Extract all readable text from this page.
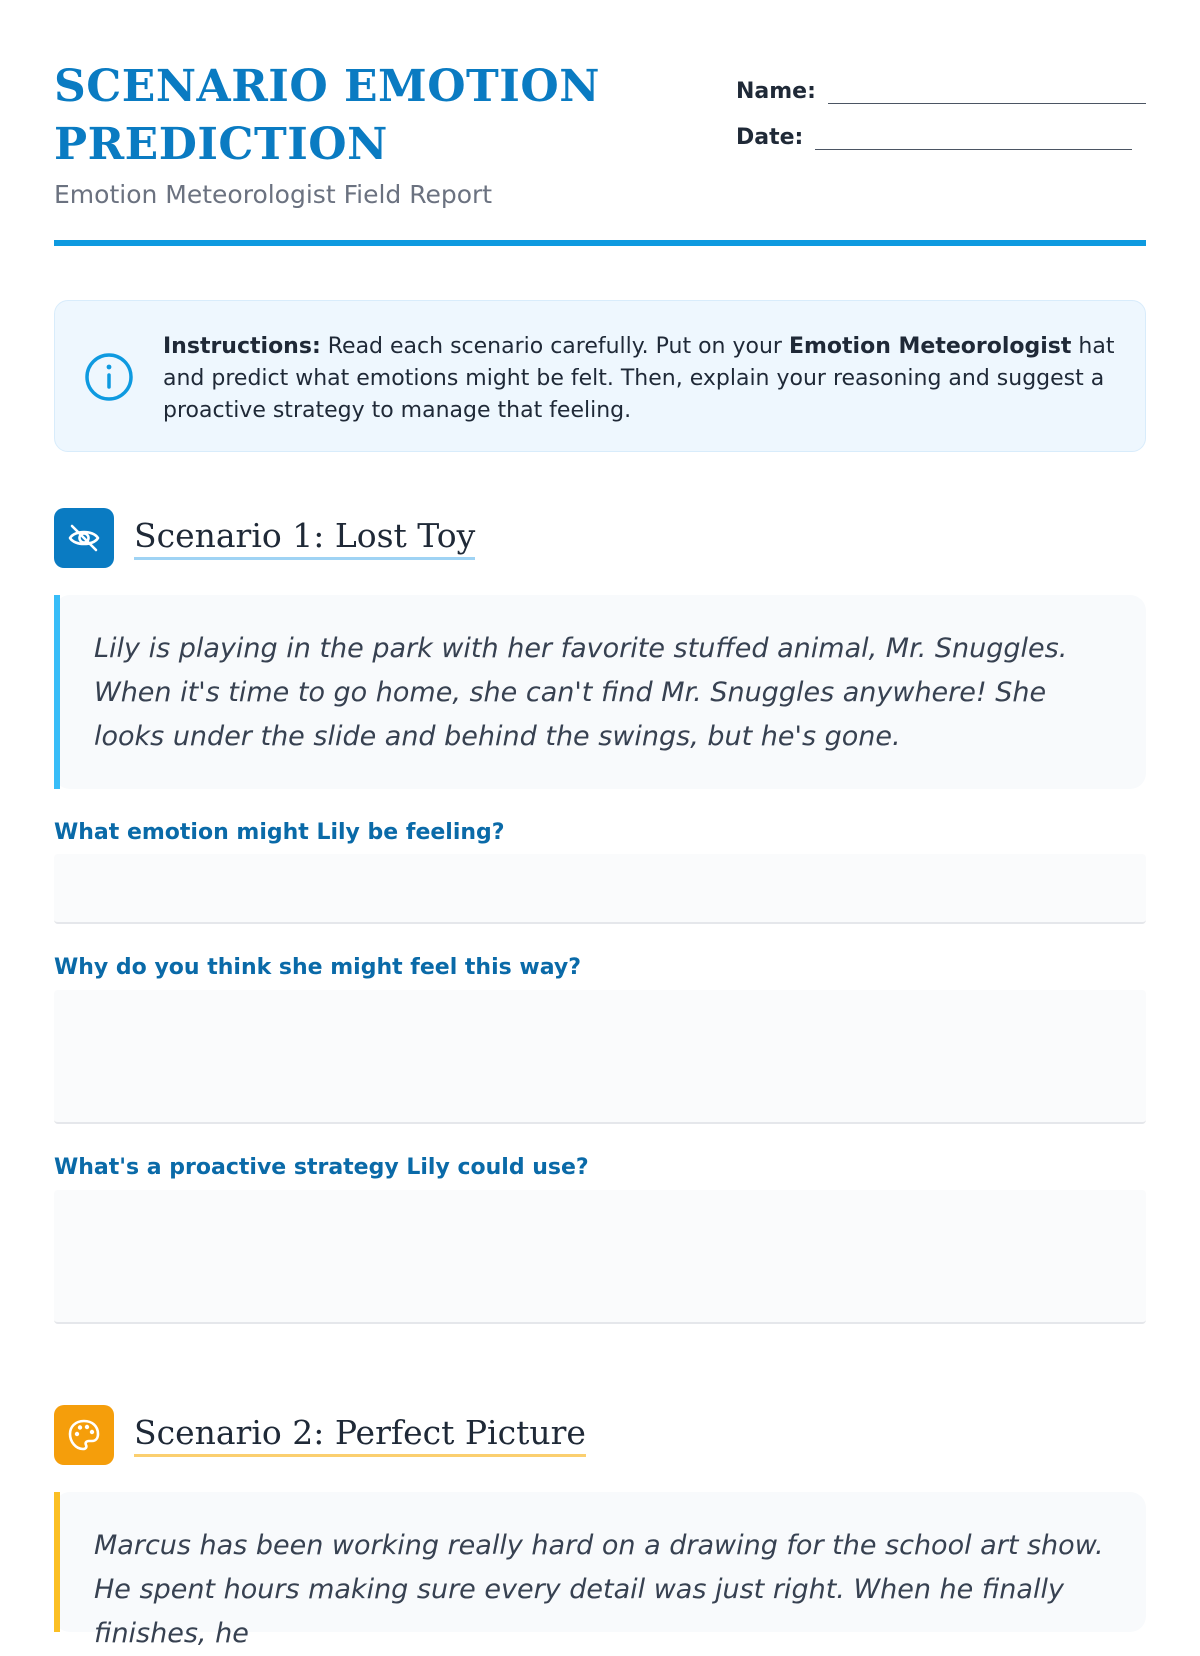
SCENARIO EMOTION PREDICTION
Emotion Meteorologist Field Report
Name:
Date:
Instructions: Read each scenario carefully. Put on your Emotion Meteorologist hat and predict what emotions might be felt. Then, explain your reasoning and suggest a proactive strategy to manage that feeling.
Scenario 1: Lost Toy
Lily is playing in the park with her favorite stuffed animal, Mr. Snuggles. When it's time to go home, she can't find Mr. Snuggles anywhere! She looks under the slide and behind the swings, but he's gone.
What emotion might Lily be feeling?
Why do you think she might feel this way?
What's a proactive strategy Lily could use?
Scenario 2: Perfect Picture
Marcus has been working really hard on a drawing for the school art show. He spent hours making sure every detail was just right. When he finally finishes, he
